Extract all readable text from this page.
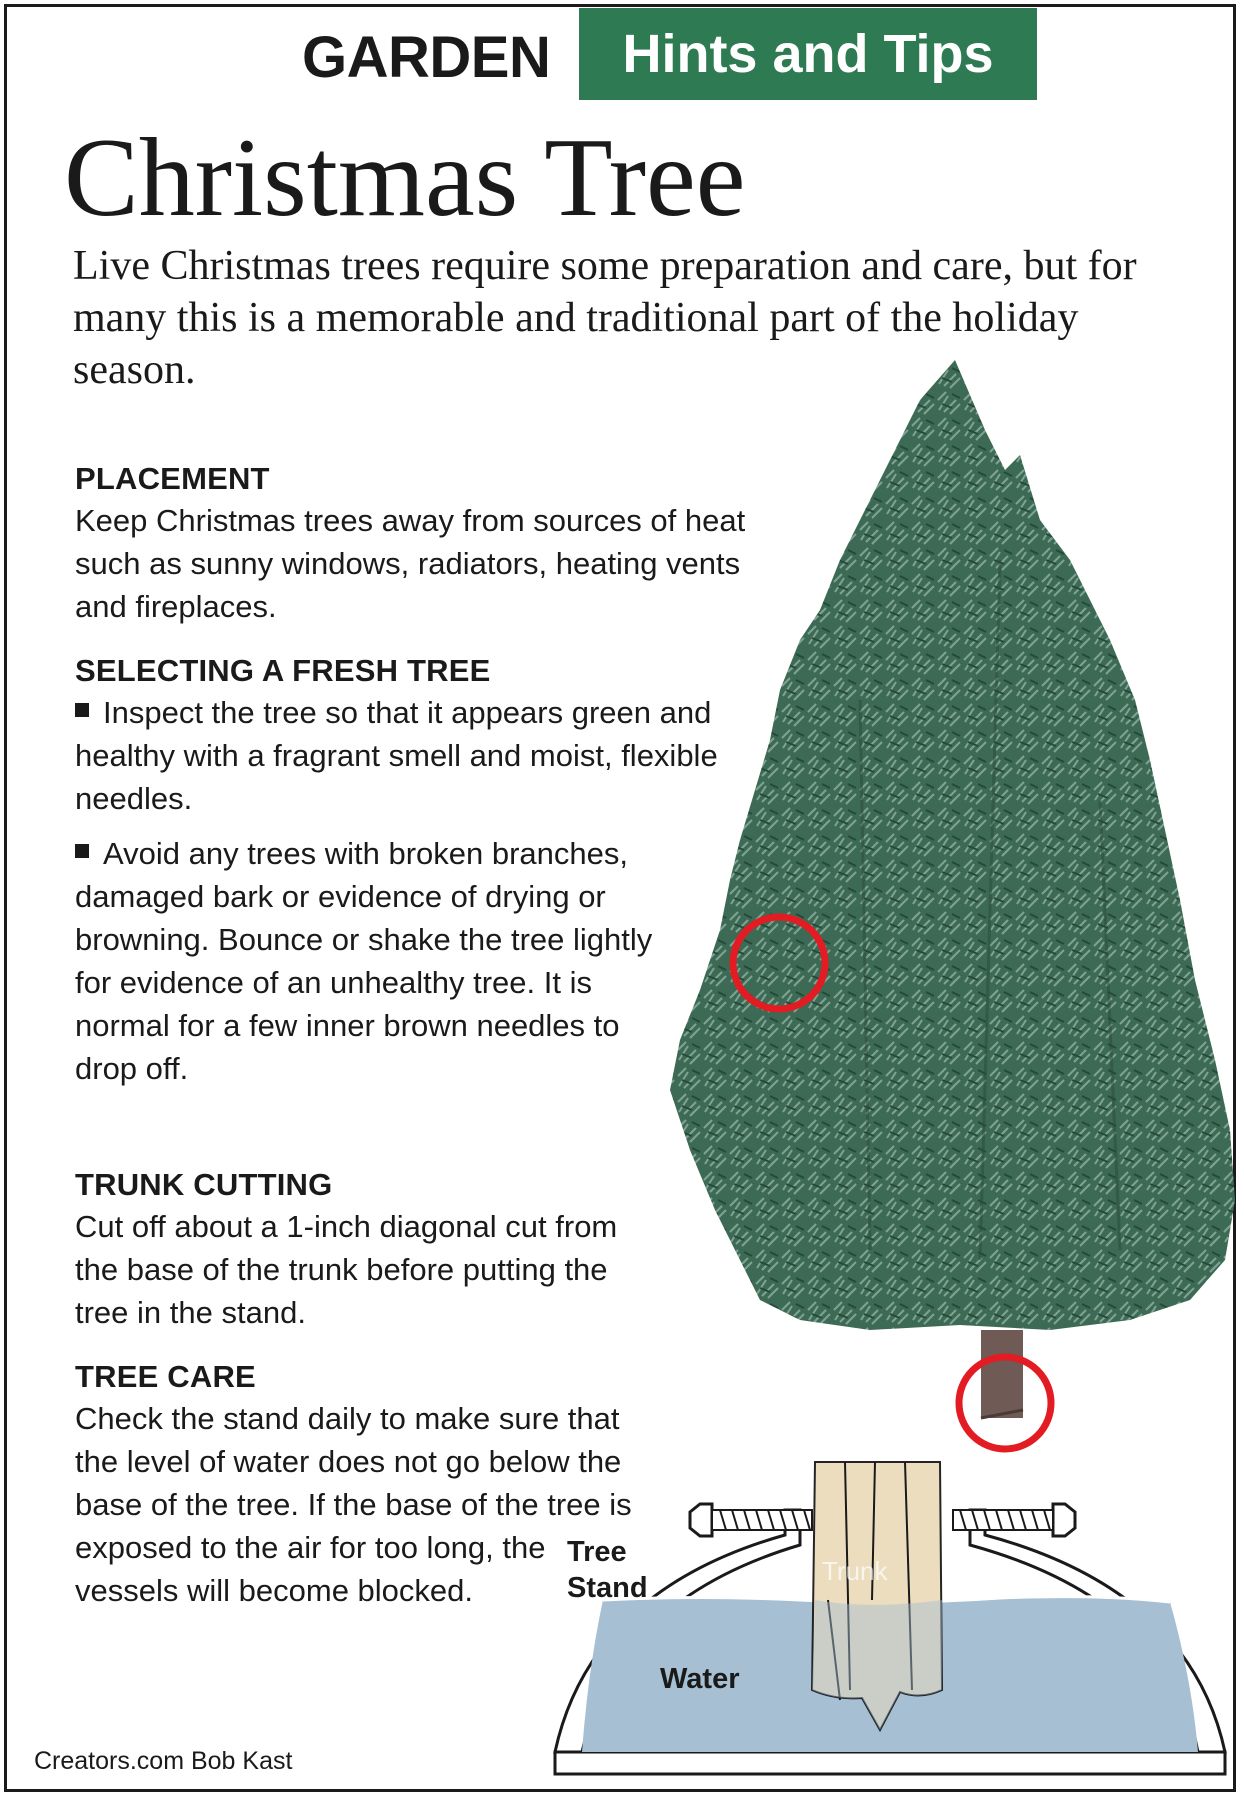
GARDEN	Hints and Tips
Christmas Tree

Live Christmas trees require some preparation and care, but for many this is a memorable and traditional part of the holiday season.

Tree
Stand
Trunk
Water
PLACEMENT

Keep Christmas trees away from sources of heat such as sunny windows, radiators, heating vents and fireplaces.

SELECTING A FRESH TREE

Inspect the tree so that it appears green and healthy with a fragrant smell and moist, flexible needles.

Avoid any trees with broken branches, damaged bark or evidence of drying or browning. Bounce or shake the tree lightly for evidence of an unhealthy tree. It is normal for a few inner brown needles to drop off.

TRUNK CUTTING

Cut off about a 1-inch diagonal cut from the base of the trunk before putting the tree in the stand.

TREE CARE

Check the stand daily to make sure that the level of water does not go below the base of the tree. If the base of the tree is exposed to the air for too long, the vessels will become blocked.

Creators.com Bob Kast
